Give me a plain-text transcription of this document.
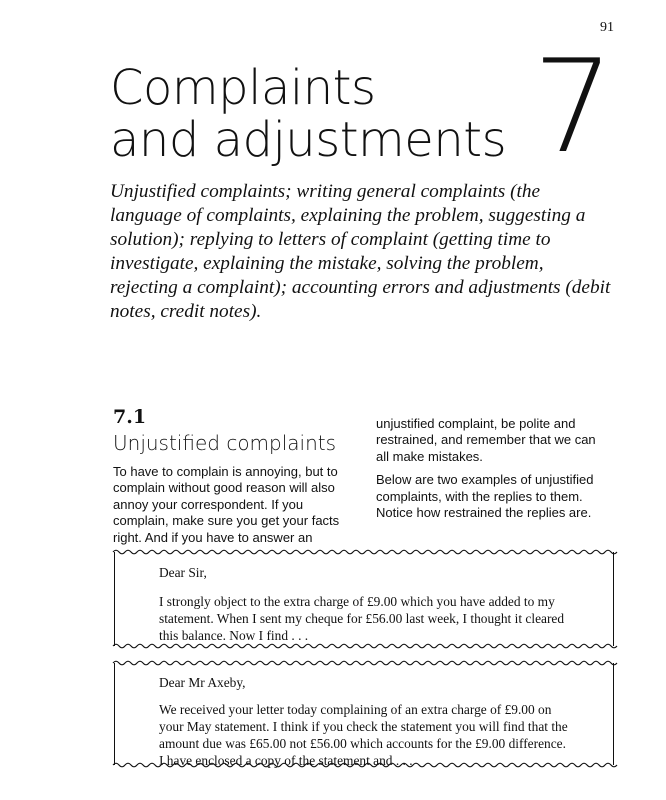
91
Complaints
and adjustments 7

Unjustified complaints; writing general complaints (the language of complaints, explaining the problem, suggesting a solution); replying to letters of complaint (getting time to investigate, explaining the mistake, solving the problem, rejecting a complaint); accounting errors and adjustments (debit notes, credit notes).

7.1
Unjustified complaints

To have to complain is annoying, but to complain without good reason will also annoy your correspondent. If you complain, make sure you get your facts right. And if you have to answer an

unjustified complaint, be polite and restrained, and remember that we can all make mistakes.

Below are two examples of unjustified complaints, with the replies to them. Notice how restrained the replies are.

Dear Sir,

I strongly object to the extra charge of £9.00 which you have added to my statement. When I sent my cheque for £56.00 last week, I thought it cleared this balance. Now I find . . .

Dear Mr Axeby,

We received your letter today complaining of an extra charge of £9.00 on your May statement. I think if you check the statement you will find that the amount due was £65.00 not £56.00 which accounts for the £9.00 difference. I have enclosed a copy of the statement and . . .
